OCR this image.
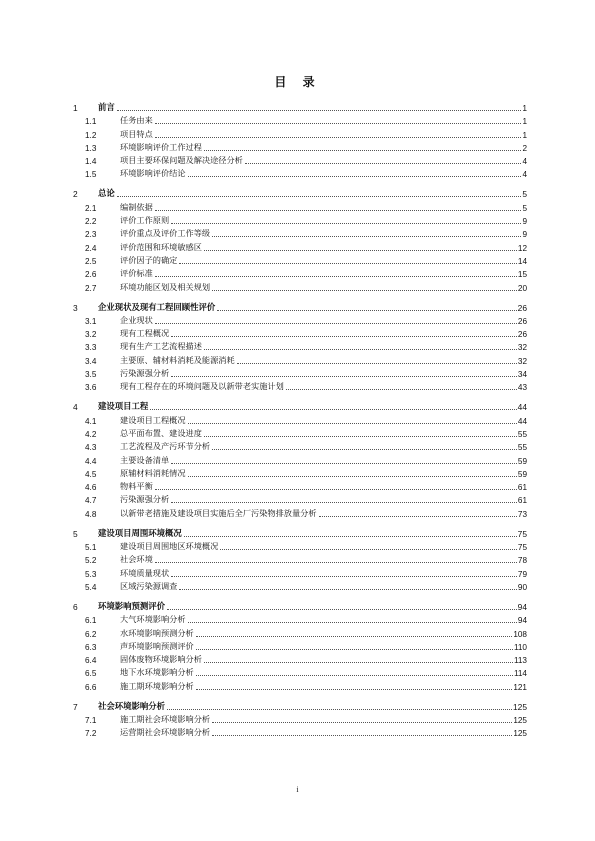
目 录
1	前言	1
1.1	任务由来	1
1.2	项目特点	1
1.3	环境影响评价工作过程	2
1.4	项目主要环保问题及解决途径分析	4
1.5	环境影响评价结论	4
2	总论	5
2.1	编制依据	5
2.2	评价工作原则	9
2.3	评价重点及评价工作等级	9
2.4	评价范围和环境敏感区	12
2.5	评价因子的确定	14
2.6	评价标准	15
2.7	环境功能区划及相关规划	20
3	企业现状及现有工程回顾性评价	26
3.1	企业现状	26
3.2	现有工程概况	26
3.3	现有生产工艺流程描述	32
3.4	主要原、辅材料消耗及能源消耗	32
3.5	污染源强分析	34
3.6	现有工程存在的环境问题及以新带老实施计划	43
4	建设项目工程	44
4.1	建设项目工程概况	44
4.2	总平面布置、建设进度	55
4.3	工艺流程及产污环节分析	55
4.4	主要设备清单	59
4.5	原辅材料消耗情况	59
4.6	物料平衡	61
4.7	污染源强分析	61
4.8	以新带老措施及建设项目实施后全厂污染物排放量分析	73
5	建设项目周围环境概况	75
5.1	建设项目周围地区环境概况	75
5.2	社会环境	78
5.3	环境质量现状	79
5.4	区域污染源调查	90
6	环境影响预测评价	94
6.1	大气环境影响分析	94
6.2	水环境影响预测分析	108
6.3	声环境影响预测评价	110
6.4	固体废物环境影响分析	113
6.5	地下水环境影响分析	114
6.6	施工期环境影响分析	121
7	社会环境影响分析	125
7.1	施工期社会环境影响分析	125
7.2	运营期社会环境影响分析	125
i
